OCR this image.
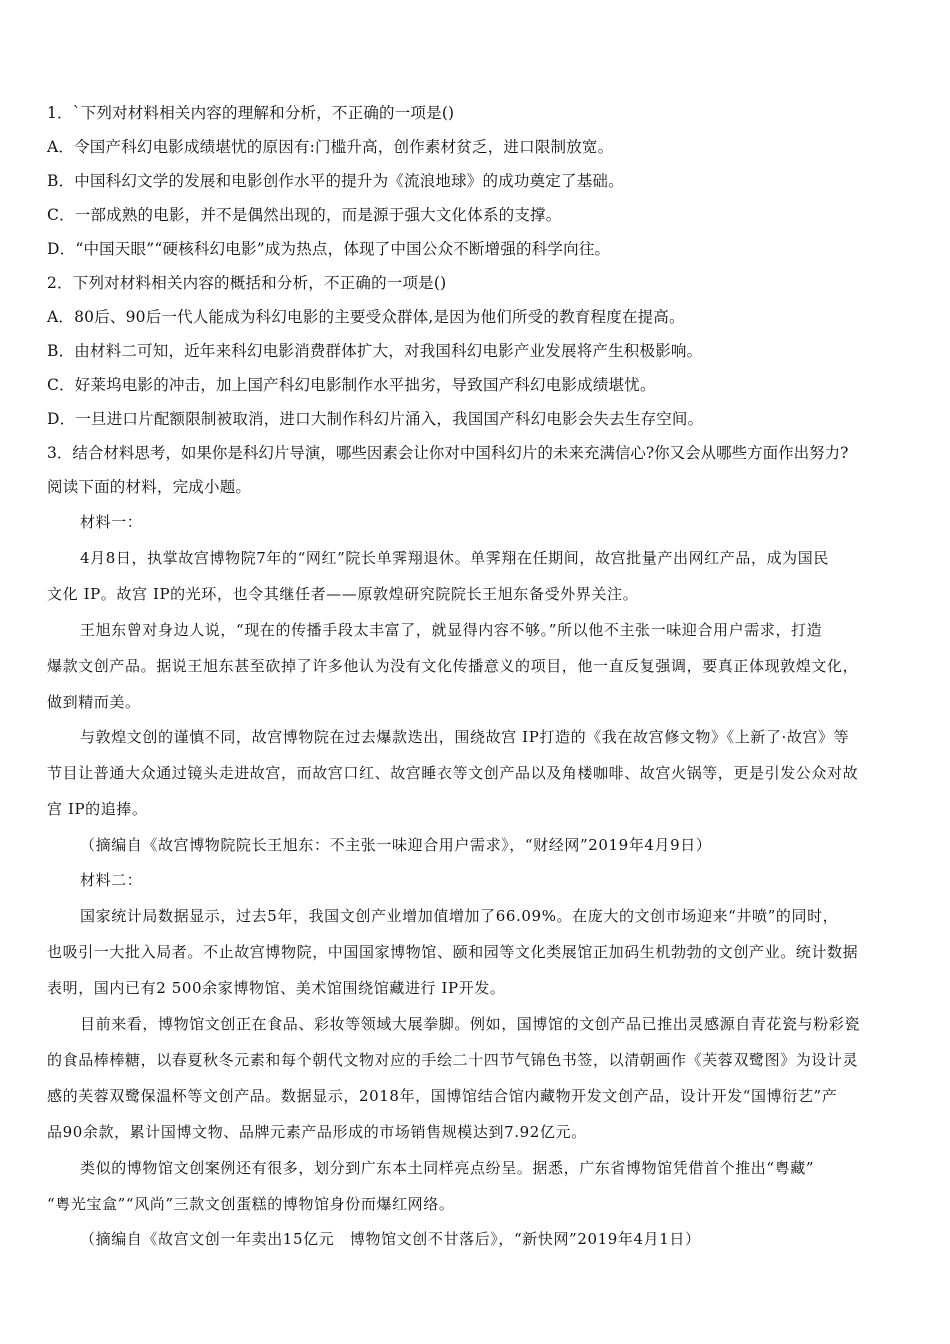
1．`下列对材料相关内容的理解和分析，不正确的一项是()
A．令国产科幻电影成绩堪忧的原因有:门槛升高，创作素材贫乏，进口限制放宽。
B．中国科幻文学的发展和电影创作水平的提升为《流浪地球》的成功奠定了基础。
C．一部成熟的电影，并不是偶然出现的，而是源于强大文化体系的支撑。
D．“中国天眼”“硬核科幻电影”成为热点，体现了中国公众不断增强的科学向往。
2．下列对材料相关内容的概括和分析，不正确的一项是()
A．80后、90后一代人能成为科幻电影的主要受众群体,是因为他们所受的教育程度在提高。
B．由材料二可知，近年来科幻电影消费群体扩大，对我国科幻电影产业发展将产生积极影响。
C．好莱坞电影的冲击，加上国产科幻电影制作水平拙劣，导致国产科幻电影成绩堪忧。
D．一旦进口片配额限制被取消，进口大制作科幻片涌入，我国国产科幻电影会失去生存空间。
3．结合材料思考，如果你是科幻片导演，哪些因素会让你对中国科幻片的未来充满信心?你又会从哪些方面作出努力?
阅读下面的材料，完成小题。
材料一：
4月8日，执掌故宫博物院7年的“网红”院长单霁翔退休。单霁翔在任期间，故宫批量产出网红产品，成为国民
文化 IP。故宫 IP的光环，也令其继任者——原敦煌研究院院长王旭东备受外界关注。
王旭东曾对身边人说，“现在的传播手段太丰富了，就显得内容不够。”所以他不主张一味迎合用户需求，打造
爆款文创产品。据说王旭东甚至砍掉了许多他认为没有文化传播意义的项目，他一直反复强调，要真正体现敦煌文化，
做到精而美。
与敦煌文创的谨慎不同，故宫博物院在过去爆款迭出，围绕故宫 IP打造的《我在故宫修文物》《上新了·故宫》等
节目让普通大众通过镜头走进故宫，而故宫口红、故宫睡衣等文创产品以及角楼咖啡、故宫火锅等，更是引发公众对故
宫 IP的追捧。
（摘编自《故宫博物院院长王旭东：不主张一味迎合用户需求》，“财经网”2019年4月9日）
材料二：
国家统计局数据显示，过去5年，我国文创产业增加值增加了66.09%。在庞大的文创市场迎来“井喷”的同时，
也吸引一大批入局者。不止故宫博物院，中国国家博物馆、颐和园等文化类展馆正加码生机勃勃的文创产业。统计数据
表明，国内已有2 500余家博物馆、美术馆围绕馆藏进行 IP开发。
目前来看，博物馆文创正在食品、彩妆等领域大展拳脚。例如，国博馆的文创产品已推出灵感源自青花瓷与粉彩瓷
的食品棒棒糖，以春夏秋冬元素和每个朝代文物对应的手绘二十四节气锦色书签，以清朝画作《芙蓉双鹭图》为设计灵
感的芙蓉双鹭保温杯等文创产品。数据显示，2018年，国博馆结合馆内藏物开发文创产品，设计开发“国博衍艺”产
品90余款，累计国博文物、品牌元素产品形成的市场销售规模达到7.92亿元。
类似的博物馆文创案例还有很多，划分到广东本土同样亮点纷呈。据悉，广东省博物馆凭借首个推出“粤藏”
“粤光宝盒”“风尚”三款文创蛋糕的博物馆身份而爆红网络。
（摘编自《故宫文创一年卖出15亿元　博物馆文创不甘落后》，“新快网”2019年4月1日）
